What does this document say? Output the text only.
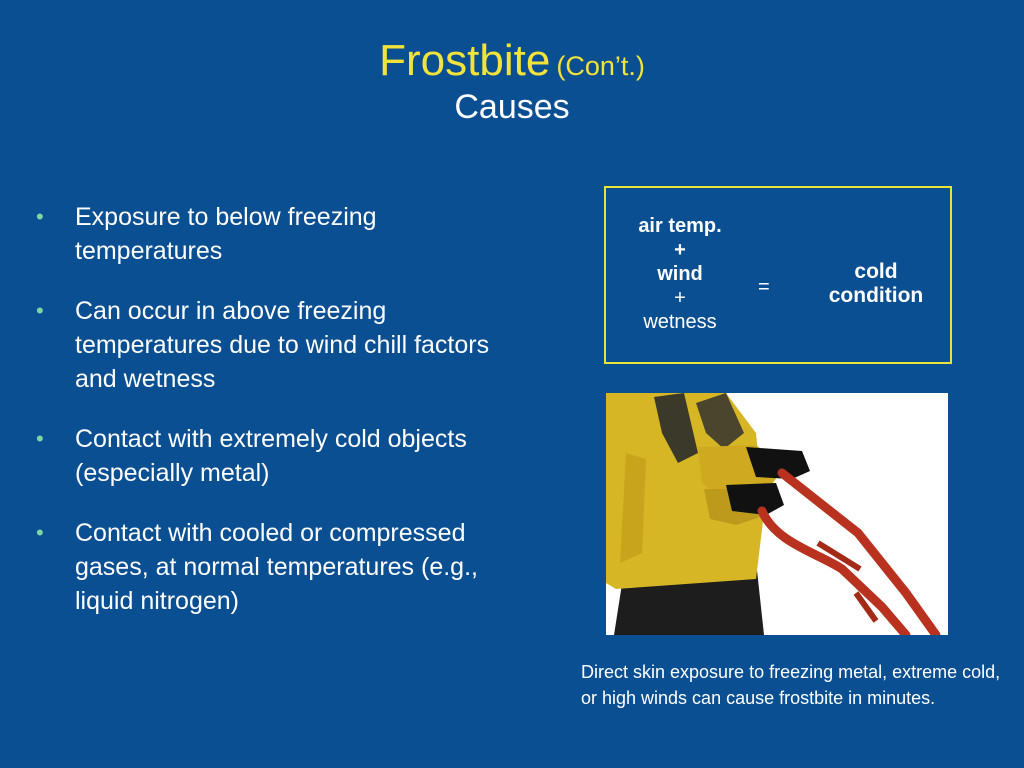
Frostbite (Con’t.)
Causes
• Exposure to below freezing temperatures
• Can occur in above freezing temperatures due to wind chill factors and wetness
• Contact with extremely cold objects (especially metal)
• Contact with cooled or compressed gases, at normal temperatures (e.g., liquid nitrogen)
air temp.
+
wind
+
wetness
=
cold condition
Direct skin exposure to freezing metal, extreme cold, or high winds can cause frostbite in minutes.
